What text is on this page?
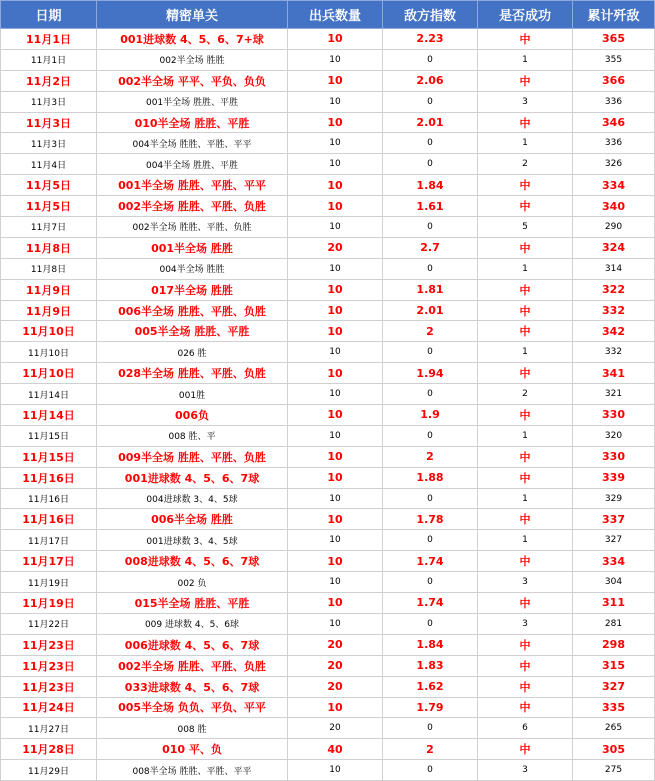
日期	精密单关	出兵数量	敌方指数	是否成功	累计歼敌
11月1日	001进球数 4、5、6、7+球	10	2.23	中	365
11月1日	002半全场 胜胜	10	0	1	355
11月2日	002半全场 平平、平负、负负	10	2.06	中	366
11月3日	001半全场 胜胜、平胜	10	0	3	336
11月3日	010半全场 胜胜、平胜	10	2.01	中	346
11月3日	004半全场 胜胜、平胜、平平	10	0	1	336
11月4日	004半全场 胜胜、平胜	10	0	2	326
11月5日	001半全场 胜胜、平胜、平平	10	1.84	中	334
11月5日	002半全场 胜胜、平胜、负胜	10	1.61	中	340
11月7日	002半全场 胜胜、平胜、负胜	10	0	5	290
11月8日	001半全场 胜胜	20	2.7	中	324
11月8日	004半全场 胜胜	10	0	1	314
11月9日	017半全场 胜胜	10	1.81	中	322
11月9日	006半全场 胜胜、平胜、负胜	10	2.01	中	332
11月10日	005半全场 胜胜、平胜	10	2	中	342
11月10日	026 胜	10	0	1	332
11月10日	028半全场 胜胜、平胜、负胜	10	1.94	中	341
11月14日	001胜	10	0	2	321
11月14日	006负	10	1.9	中	330
11月15日	008 胜、平	10	0	1	320
11月15日	009半全场 胜胜、平胜、负胜	10	2	中	330
11月16日	001进球数 4、5、6、7球	10	1.88	中	339
11月16日	004进球数 3、4、5球	10	0	1	329
11月16日	006半全场 胜胜	10	1.78	中	337
11月17日	001进球数 3、4、5球	10	0	1	327
11月17日	008进球数 4、5、6、7球	10	1.74	中	334
11月19日	002 负	10	0	3	304
11月19日	015半全场 胜胜、平胜	10	1.74	中	311
11月22日	009 进球数 4、5、6球	10	0	3	281
11月23日	006进球数 4、5、6、7球	20	1.84	中	298
11月23日	002半全场 胜胜、平胜、负胜	20	1.83	中	315
11月23日	033进球数 4、5、6、7球	20	1.62	中	327
11月24日	005半全场 负负、平负、平平	10	1.79	中	335
11月27日	008 胜	20	0	6	265
11月28日	010 平、负	40	2	中	305
11月29日	008半全场 胜胜、平胜、平平	10	0	3	275
